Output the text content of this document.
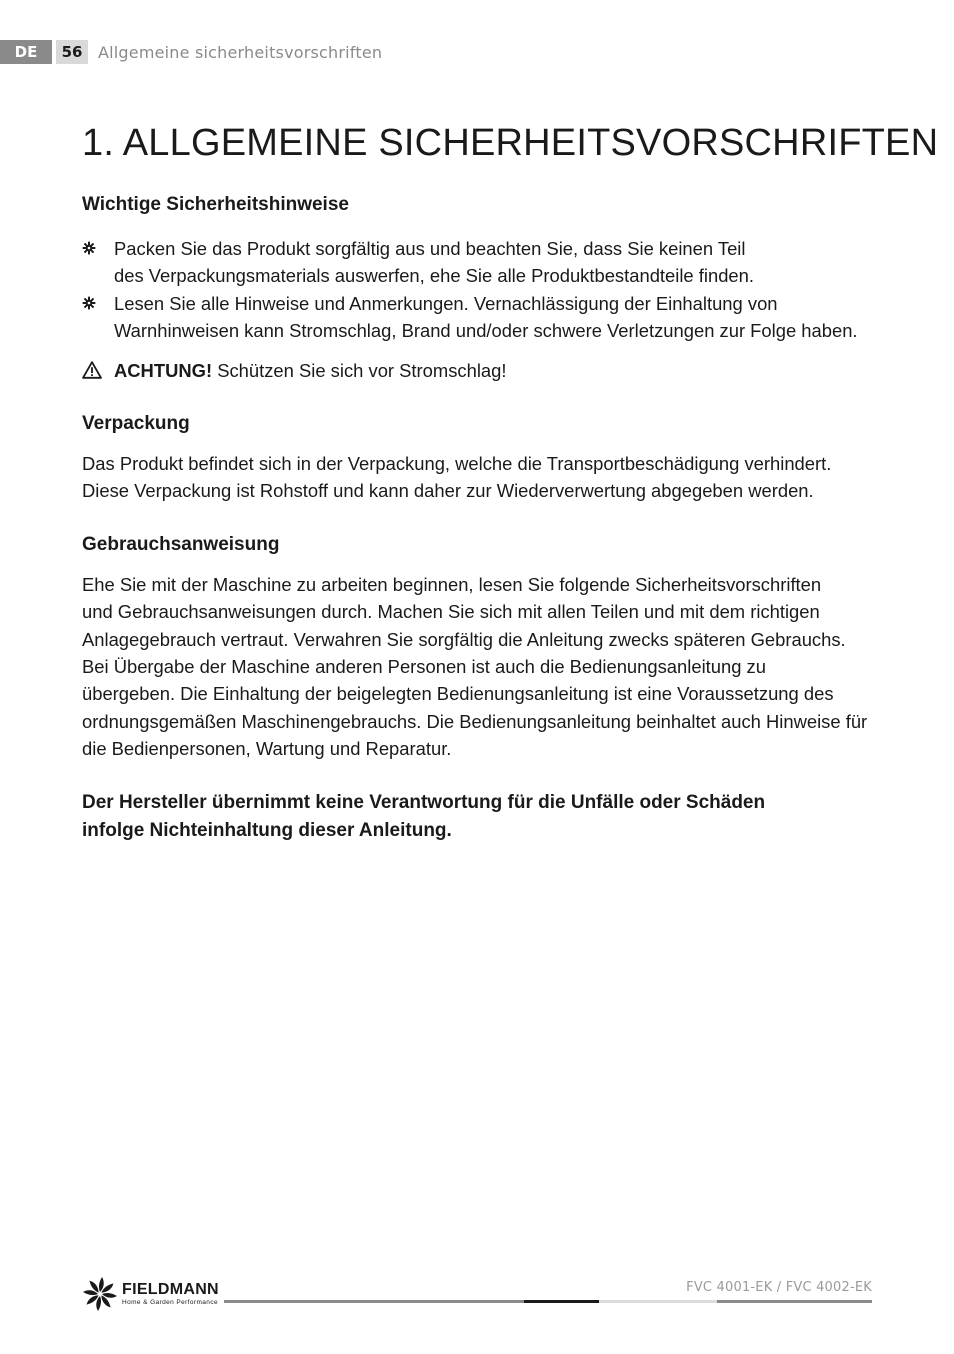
DE	56 Allgemeine sicherheitsvorschriften
1. ALLGEMEINE SICHERHEITSVORSCHRIFTEN
Wichtige Sicherheitshinweise
Packen Sie das Produkt sorgfältig aus und beachten Sie, dass Sie keinen Teil
des Verpackungsmaterials auswerfen, ehe Sie alle Produktbestandteile finden.
Lesen Sie alle Hinweise und Anmerkungen. Vernachlässigung der Einhaltung von
Warnhinweisen kann Stromschlag, Brand und/oder schwere Verletzungen zur Folge haben.
ACHTUNG! Schützen Sie sich vor Stromschlag!
Verpackung

Das Produkt befindet sich in der Verpackung, welche die Transportbeschädigung verhindert.
Diese Verpackung ist Rohstoff und kann daher zur Wiederverwertung abgegeben werden.

Gebrauchsanweisung

Ehe Sie mit der Maschine zu arbeiten beginnen, lesen Sie folgende Sicherheitsvorschriften
und Gebrauchsanweisungen durch. Machen Sie sich mit allen Teilen und mit dem richtigen
Anlagegebrauch vertraut. Verwahren Sie sorgfältig die Anleitung zwecks späteren Gebrauchs.
Bei Übergabe der Maschine anderen Personen ist auch die Bedienungsanleitung zu
übergeben. Die Einhaltung der beigelegten Bedienungsanleitung ist eine Voraussetzung des
ordnungsgemäßen Maschinengebrauchs. Die Bedienungsanleitung beinhaltet auch Hinweise für
die Bedienpersonen, Wartung und Reparatur.

Der Hersteller übernimmt keine Verantwortung für die Unfälle oder Schäden
infolge Nichteinhaltung dieser Anleitung.

FIELDMANN
Home & Garden Performance
FVC 4001-EK / FVC 4002-EK
